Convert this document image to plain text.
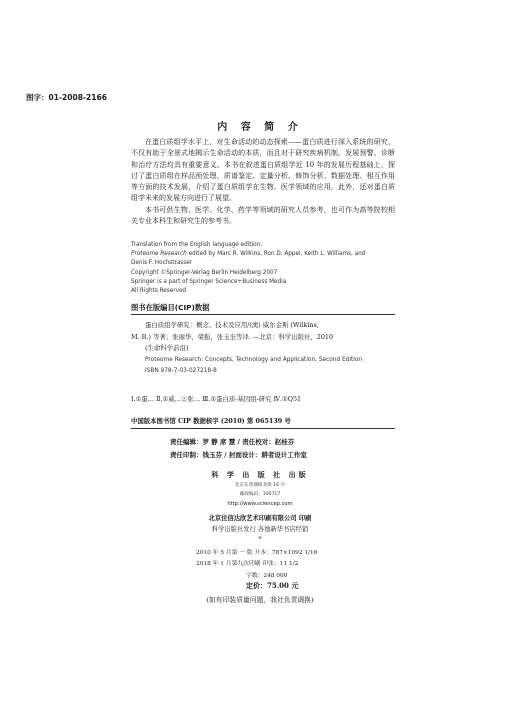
图字：01-2008-2166
内 容 简 介

在蛋白质组学水平上，对生命活动的动态探索——蛋白质进行深入系统的研究，不仅有助于全景式地揭示生命活动的本质，而且对于研究疾病机制、发展预警、诊断和治疗方法均具有重要意义。本书在叙述蛋白质组学近 10 年的发展历程基础上，探讨了蛋白质组在样品预处理、质谱鉴定、定量分析、修饰分析、数据处理、相互作用等方面的技术发展，介绍了蛋白质组学在生物、医学领域的应用。此外，还对蛋白质组学未来的发展方向进行了展望。

本书可供生物、医学、化学、药学等领域的研究人员参考，也可作为高等院校相关专业本科生和研究生的参考书。

Translation from the English language edition:
Proteome Research edited by Marc R. Wilkins, Ron D. Appel, Keith L. Williams, and
Denis F. Hochstrasser
Copyright ©Springer-Verlag Berlin Heidelberg 2007
Springer is a part of Springer Science+Business Media
All Rights Reserved
图书在版编目(CIP)数据
蛋白质组学研究：概念、技术及应用/(澳) 威尔金斯 (Wilkins,
M. R.) 等著；张丽华，梁振，张玉奎等译. —北京：科学出版社，2010
(生命科学前沿)
Proteome Research: Concepts, Technology and Application, Second Edition
ISBN 978-7-03-027218-8
Ⅰ.①蛋… Ⅱ.①威…②张… Ⅲ.①蛋白质-基因组-研究 Ⅳ.①Q51
中国版本图书馆 CIP 数据核字 (2010) 第 065139 号
责任编辑：罗 静 席 慧 / 责任校对：赵桂芬
责任印制：钱玉芬 / 封面设计：耕者设计工作室
科 学 出 版 社 出版
北京东黄城根北街 16 号
邮政编码：100717
http://www.sciencep.com
北京住信达欣艺术印刷有限公司 印刷
科学出版社发行 各地新华书店经销
*
2010 年 5 月第 一 版 开本：787×1092 1/16
2018 年 1 月第九次印刷 印张：11 1/2
字数：248 000
定价：75.00 元
(如有印装质量问题，我社负责调换)
